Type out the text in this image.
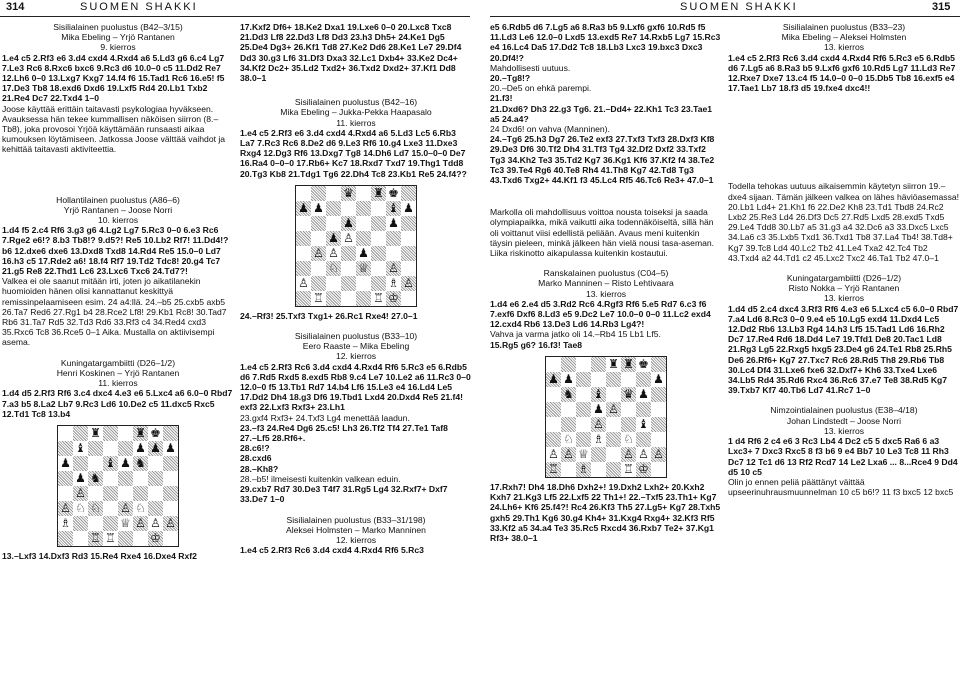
314	SUOMEN SHAKKI	SUOMEN SHAKKI	315

Sisilialainen puolustus (B42–3/15)

Mika Ebeling – Yrjö Rantanen

9. kierros

1.e4 c5 2.Rf3 e6 3.d4 cxd4 4.Rxd4 a6 5.Ld3 g6 6.c4 Lg7 7.Le3 Rc6 8.Rxc6 bxc6 9.Rc3 d6 10.0–0 c5 11.Dd2 Re7 12.Lh6 0–0 13.Lxg7 Kxg7 14.f4 f6 15.Tad1 Rc6 16.e5! f5 17.De3 Tb8 18.exd6 Dxd6 19.Lxf5 Rd4 20.Lb1 Txb2 21.Re4 Dc7 22.Txd4 1–0

Joose käyttää erittäin taitavasti psykologiaa hyväkseen. Avauksessa hän tekee kummallisen näköisen siirron (8.–Tb8), joka provosoi Yrjöä käyttämään runsaasti aikaa kumouksen löytämiseen. Jatkossa Joose välttää vaihdot ja kehittää taitavasti aktiviteettia.

Hollantilainen puolustus (A86–6)

Yrjö Rantanen – Joose Norri

10. kierros

1.d4 f5 2.c4 Rf6 3.g3 g6 4.Lg2 Lg7 5.Rc3 0–0 6.e3 Rc6 7.Rge2 e6!? 8.b3 Tb8!? 9.d5?! Re5 10.Lb2 Rf7! 11.Dd4!? b6 12.dxe6 dxe6 13.Dxd8 Txd8 14.Rd4 Re5 15.0–0 Ld7 16.h3 c5 17.Rde2 a6! 18.f4 Rf7 19.Td2 Tdc8! 20.g4 Tc7 21.g5 Re8 22.Thd1 Lc6 23.Lxc6 Txc6 24.Td7?!

Valkea ei ole saanut mitään irti, joten jo aikatilanekin huomioiden hänen olisi kannattanut keskittyä remissinpelaamiseen esim. 24 a4:llä. 24.–b5 25.cxb5 axb5 26.Ta7 Red6 27.Rg1 b4 28.Rce2 Lf8! 29.Kb1 Rc8! 30.Tad7 Rb6 31.Ta7 Rd5 32.Td3 Rd6 33.Rf3 c4 34.Red4 cxd3 35.Rxc6 Tc8 36.Rce5 0–1 Aika. Mustalla on aktiivisempi asema.

Kuningatargambiitti (D26–1/2)

Henri Koskinen – Yrjö Rantanen

11. kierros

1.d4 d5 2.Rf3 Rf6 3.c4 dxc4 4.e3 e6 5.Lxc4 a6 6.0–0 Rbd7 7.a3 b5 8.La2 Lb7 9.Rc3 Ld6 10.De2 c5 11.dxc5 Rxc5 12.Td1 Tc8 13.b4

♜	♜ ♚
♝	♟ ♟ ♟
♟	♝ ♟ ♞
♟ ♞
♙
♙ ♘ ♘ ♙ ♘
♗	♕ ♙ ♙ ♙
♖ ♖	♔

13.–Lxf3 14.Dxf3 Rd3 15.Re4 Rxe4 16.Dxe4 Rxf2

17.Kxf2 Df6+ 18.Ke2 Dxa1 19.Lxe6 0–0 20.Lxc8 Txc8 21.Dd3 Lf8 22.Dd3 Lf8 Dd3 23.h3 Dh5+ 24.Ke1 Dg5 25.De4 Dg3+ 26.Kf1 Td8 27.Ke2 Dd6 28.Ke1 Le7 29.Df4 Dd3 30.g3 Lf6 31.Df3 Dxa3 32.Lc1 Dxb4+ 33.Ke2 Dc4+ 34.Kf2 Dc2+ 35.Ld2 Txd2+ 36.Txd2 Dxd2+ 37.Kf1 Dd8 38.0–1

Sisilialainen puolustus (B42–16)

Mika Ebeling – Jukka-Pekka Haapasalo

11. kierros

1.e4 c5 2.Rf3 e6 3.d4 cxd4 4.Rxd4 a6 5.Ld3 Lc5 6.Rb3 La7 7.Rc3 Rc6 8.De2 d6 9.Le3 Rf6 10.g4 Lxe3 11.Dxe3 Rxg4 12.Dg3 Rf6 13.Dxg7 Tg8 14.Dh6 Ld7 15.0–0–0 De7 16.Ra4 0–0–0 17.Rb6+ Kc7 18.Rxd7 Txd7 19.Thg1 Tdd8 20.Tg3 Kb8 21.Tdg1 Tg6 22.Dh4 Tc8 23.Kb1 Re5 24.f4??

♛ ♜ ♚
♟ ♟	♝ ♟
♟	♟
♟ ♙
♙ ♙ ♟
♘ ♕ ♙
♙	♗ ♙
♖	♖ ♔

24.–Rf3! 25.Txf3 Txg1+ 26.Rc1 Rxe4! 27.0–1

Sisilialainen puolustus (B33–10)

Eero Raaste – Mika Ebeling

12. kierros

1.e4 c5 2.Rf3 Rc6 3.d4 cxd4 4.Rxd4 Rf6 5.Rc3 e5 6.Rdb5 d6 7.Rd5 Rxd5 8.exd5 Rb8 9.c4 Le7 10.Le2 a6 11.Rc3 0–0 12.0–0 f5 13.Tb1 Rd7 14.b4 Lf6 15.Le3 e4 16.Ld4 Le5 17.Dd2 Dh4 18.g3 Df6 19.Tbd1 Lxd4 20.Dxd4 Re5 21.f4! exf3 22.Lxf3 Rxf3+ 23.Lh1

23.gxf4 Rxf3+ 24.Txf3 Lg4 menettää laadun.

23.–f3 24.Re4 Dg6 25.c5! Lh3 26.Tf2 Tf4 27.Te1 Taf8

27.–Lf5 28.Rf6+.

28.c6!?

28.cxd6

28.–Kh8?

28.–b5! ilmeisesti kuitenkin valkean eduin.

29.cxb7 Rd7 30.De3 T4f7 31.Rg5 Lg4 32.Rxf7+ Dxf7 33.De7 1–0

Sisilialainen puolustus (B33–31/198)

Aleksei Holmsten – Marko Manninen

12. kierros

1.e4 c5 2.Rf3 Rc6 3.d4 cxd4 4.Rxd4 Rf6 5.Rc3

e5 6.Rdb5 d6 7.Lg5 a6 8.Ra3 b5 9.Lxf6 gxf6 10.Rd5 f5 11.Ld3 Le6 12.0–0 Lxd5 13.exd5 Re7 14.Rxb5 Lg7 15.Rc3 e4 16.Lc4 Da5 17.Dd2 Tc8 18.Lb3 Lxc3 19.bxc3 Dxc3 20.Df4!?

Mahdollisesti uutuus.

20.–Tg8!?

20.–De5 on ehkä parempi.

21.f3!

21.Dxd6? Dh3 22.g3 Tg6. 21.–Dd4+ 22.Kh1 Tc3 23.Tae1 a5 24.a4?

24 Dxd6! on vahva (Manninen).

24.–Tg6 25.h3 Dg7 26.Te2 exf3 27.Txf3 Txf3 28.Dxf3 Kf8 29.De3 Df6 30.Tf2 Dh4 31.Tf3 Tg4 32.Df2 Dxf2 33.Txf2 Tg3 34.Kh2 Te3 35.Td2 Kg7 36.Kg1 Kf6 37.Kf2 f4 38.Te2 Tc3 39.Te4 Rg6 40.Te8 Rh4 41.Th8 Kg7 42.Td8 Tg3 43.Txd6 Txg2+ 44.Kf1 f3 45.Lc4 Rf5 46.Tc6 Re3+ 47.0–1

Markolla oli mahdollisuus voittoa nousta toiseksi ja saada olympiapaikka, mikä vaikutti aika todennäköiseltä, sillä hän oli voittanut viisi edellistä peliään. Avaus meni kuitenkin täysin pieleen, minkä jälkeen hän vielä nousi tasa-aseman. Liika riskinotto aikapulassa kuitenkin kostautui.

Ranskalainen puolustus (C04–5)

Marko Manninen – Risto Lehtivaara

13. kierros

1.d4 e6 2.e4 d5 3.Rd2 Rc6 4.Rgf3 Rf6 5.e5 Rd7 6.c3 f6 7.exf6 Dxf6 8.Ld3 e5 9.Dc2 Le7 10.0–0 0–0 11.Lc2 exd4 12.cxd4 Rb6 13.De3 Ld6 14.Rb3 Lg4?!

Vahva ja varma jatko oli 14.–Rb4 15 Lb1 Lf5.

15.Rg5 g6? 16.f3! Tae8

♜ ♜ ♚
♟ ♟	♟
♞ ♝ ♛ ♟
♟ ♙
♙	♝
♘ ♗ ♘
♙ ♙ ♕	♙ ♙ ♙
♖ ♗	♖ ♔

17.Rxh7! Dh4 18.Dh6 Dxh2+! 19.Dxh2 Lxh2+ 20.Kxh2 Kxh7 21.Kg3 Lf5 22.Lxf5 22 Th1+! 22.–Txf5 23.Th1+ Kg7 24.Lh6+ Kf6 25.f4?! Rc4 26.Kf3 Th5 27.Lg5+ Kg7 28.Txh5 gxh5 29.Th1 Kg6 30.g4 Kh4+ 31.Kxg4 Rxg4+ 32.Kf3 Rf5 33.Kf2 a5 34.a4 Te3 35.Rc5 Rxcd4 36.Rxb7 Te2+ 37.Kg1 Rf3+ 38.0–1

Sisilialainen puolustus (B33–23)

Mika Ebeling – Aleksei Holmsten

13. kierros

1.e4 c5 2.Rf3 Rc6 3.d4 cxd4 4.Rxd4 Rf6 5.Rc3 e5 6.Rdb5 d6 7.Lg5 a6 8.Ra3 b5 9.Lxf6 gxf6 10.Rd5 Lg7 11.Ld3 Re7 12.Rxe7 Dxe7 13.c4 f5 14.0–0 0–0 15.Db5 Tb8 16.exf5 e4 17.Tae1 Lb7 18.f3 d5 19.fxe4 dxc4!!

Todella tehokas uutuus aikaisemmin käytetyn siirron 19.–dxe4 sijaan. Tämän jälkeen valkea on lähes häviöasemassa! 20.Lb1 Ld4+ 21.Kh1 f6 22.De2 Kh8 23.Td1 Tbd8 24.Rc2 Lxb2 25.Re3 Ld4 26.Df3 Dc5 27.Rd5 Lxd5 28.exd5 Txd5 29.Le4 Tdd8 30.Lb7 a5 31.g3 a4 32.Dc6 a3 33.Dxc5 Lxc5 34.La6 c3 35.Lxb5 Txd1 36.Txd1 Tb8 37.La4 Tb4! 38.Td8+ Kg7 39.Tc8 Ld4 40.Lc2 Tb2 41.Le4 Txa2 42.Tc4 Tb2 43.Txd4 a2 44.Td1 c2 45.Lxc2 Txc2 46.Ta1 Tb2 47.0–1

Kuningatargambiitti (D26–1/2)

Risto Nokka – Yrjö Rantanen

13. kierros

1.d4 d5 2.c4 dxc4 3.Rf3 Rf6 4.e3 e6 5.Lxc4 c5 6.0–0 Rbd7 7.a4 Ld6 8.Rc3 0–0 9.e4 e5 10.Lg5 exd4 11.Dxd4 Lc5 12.Dd2 Rb6 13.Lb3 Rg4 14.h3 Lf5 15.Tad1 Ld6 16.Rh2 Dc7 17.Re4 Rd6 18.Dd4 Le7 19.Tfd1 De8 20.Tac1 Ld8 21.Rg3 Lg5 22.Rxg5 hxg5 23.De4 g6 24.Te1 Rb8 25.Rh5 De6 26.Rf6+ Kg7 27.Txc7 Rc6 28.Rd5 Th8 29.Rb6 Tb8 30.Lc4 Df4 31.Lxe6 fxe6 32.Dxf7+ Kh6 33.Txe4 Lxe6 34.Lb5 Rd4 35.Rd6 Rxc4 36.Rc6 37.e7 Te8 38.Rd5 Kg7 39.Txb7 Kf7 40.Tb6 Ld7 41.Rc7 1–0

Nimzointialainen puolustus (E38–4/18)

Johan Lindstedt – Joose Norri

13. kierros

1 d4 Rf6 2 c4 e6 3 Rc3 Lb4 4 Dc2 c5 5 dxc5 Ra6 6 a3 Lxc3+ 7 Dxc3 Rxc5 8 f3 b6 9 e4 Bb7 10 Le3 Tc8 11 Rh3 Dc7 12 Tc1 d6 13 Rf2 Rcd7 14 Le2 Lxa6 ... 8...Rce4 9 Dd4 d5 10 c5

Olin jo ennen peliä päättänyt väittää upseerinuhrausmuunnelman 10 c5 b6!? 11 f3 bxc5 12 bxc5
